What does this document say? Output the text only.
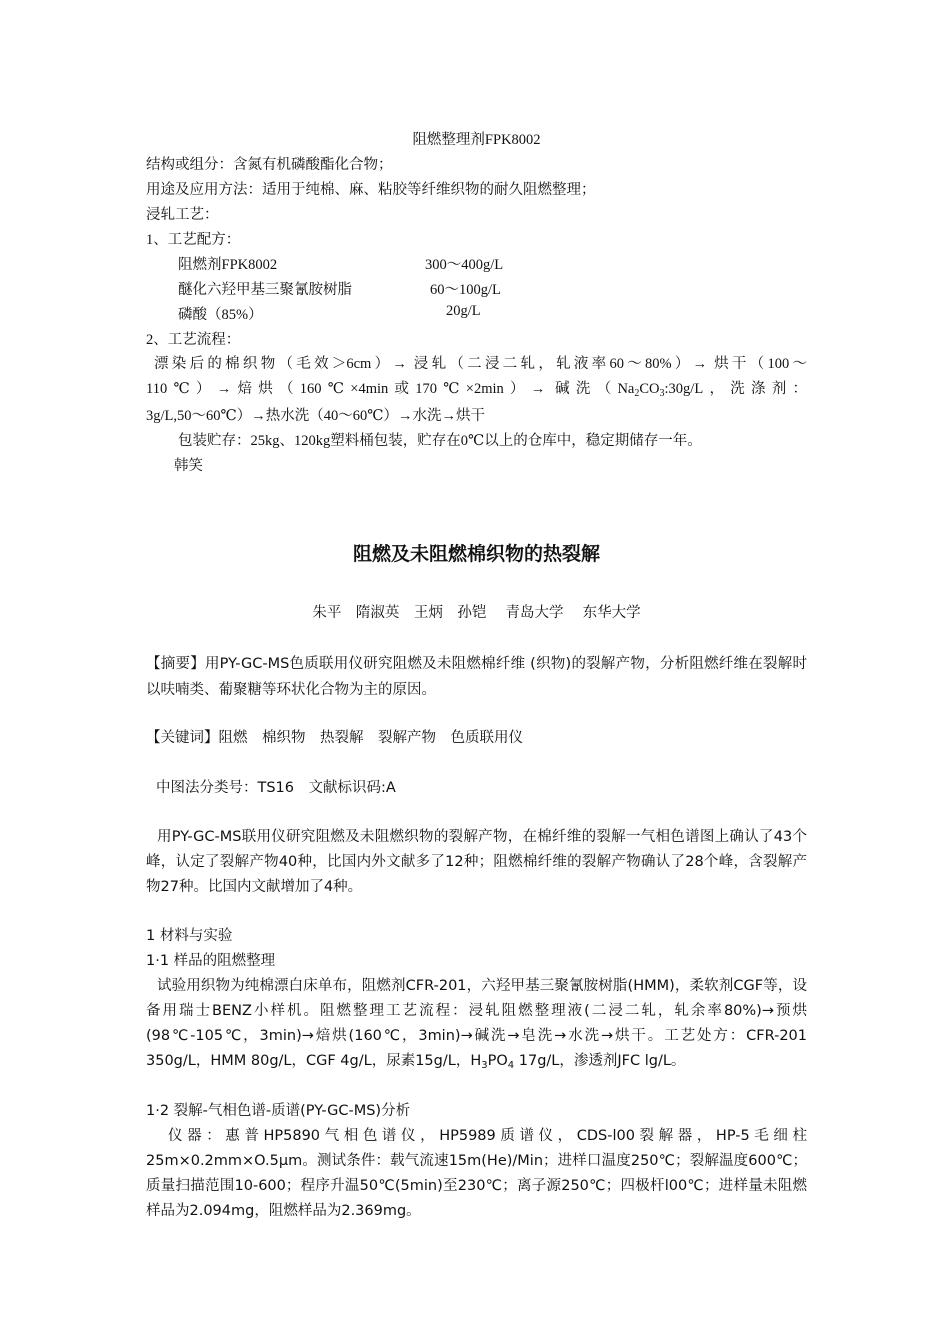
阻燃整理剂FPK8002
结构或组分：含氮有机磷酸酯化合物；
用途及应用方法：适用于纯棉、麻、粘胶等纤维织物的耐久阻燃整理；
浸轧工艺：
1、工艺配方：
阻燃剂FPK8002	300～400g/L
醚化六羟甲基三聚氰胺树脂	60～100g/L
磷酸（85%）	20g/L
2、工艺流程：
漂染后的棉织物（毛效＞6cm）→ 浸轧（二浸二轧，轧液率60～80%）→ 烘干（100～
110℃）→焙烘（160℃×4min或170℃×2min）→ 碱洗（$Na_2CO_3:30g/L$，洗涤剂：
3g/L,50～60℃）→热水洗（40～60℃）→水洗→烘干
包装贮存：25kg、120kg塑料桶包装，贮存在0℃以上的仓库中，稳定期储存一年。
韩笑
阻燃及未阻燃棉织物的热裂解
朱平　隋淑英　王炳　孙铠　 青岛大学　 东华大学
【摘要】用PY-GC-MS色质联用仪研究阻燃及未阻燃棉纤维 (织物)的裂解产物，分析阻燃纤维在裂解时以呋喃类、葡聚糖等环状化合物为主的原因。
【关键词】阻燃　棉织物　热裂解　裂解产物　色质联用仪
中图法分类号：TS16　文献标识码:A
用PY-GC-MS联用仪研究阻燃及未阻燃织物的裂解产物，在棉纤维的裂解一气相色谱图上确认了43个峰，认定了裂解产物40种，比国内外文献多了12种；阻燃棉纤维的裂解产物确认了28个峰，含裂解产物27种。比国内文献增加了4种。
1 材料与实验
1·1 样品的阻燃整理
试验用织物为纯棉漂白床单布，阻燃剂CFR-201，六羟甲基三聚氰胺树脂(HMM)，柔软剂CGF等，设备用瑞士BENZ小样机。阻燃整理工艺流程：浸轧阻燃整理液(二浸二轧，轧余率80%)→预烘(98℃-105℃，3min)→焙烘(160℃，3min)→碱洗→皂洗→水洗→烘干。工艺处方：CFR-201 350g/L，HMM 80g/L，CGF 4g/L，尿素15g/L，$H_3PO_4$ 17g/L，渗透剂JFC lg/L。
1·2 裂解-气相色谱-质谱(PY-GC-MS)分析
仪器：惠普HP5890气相色谱仪，HP5989质谱仪，CDS-l00裂解器，HP-5毛细柱25m×0.2mm×O.5μm。测试条件：载气流速15m(He)/Min；进样口温度250℃；裂解温度600℃；质量扫描范围10-600；程序升温50℃(5min)至230℃；离子源250℃；四极杆l00℃；进样量未阻燃样品为2.094mg，阻燃样品为2.369mg。
